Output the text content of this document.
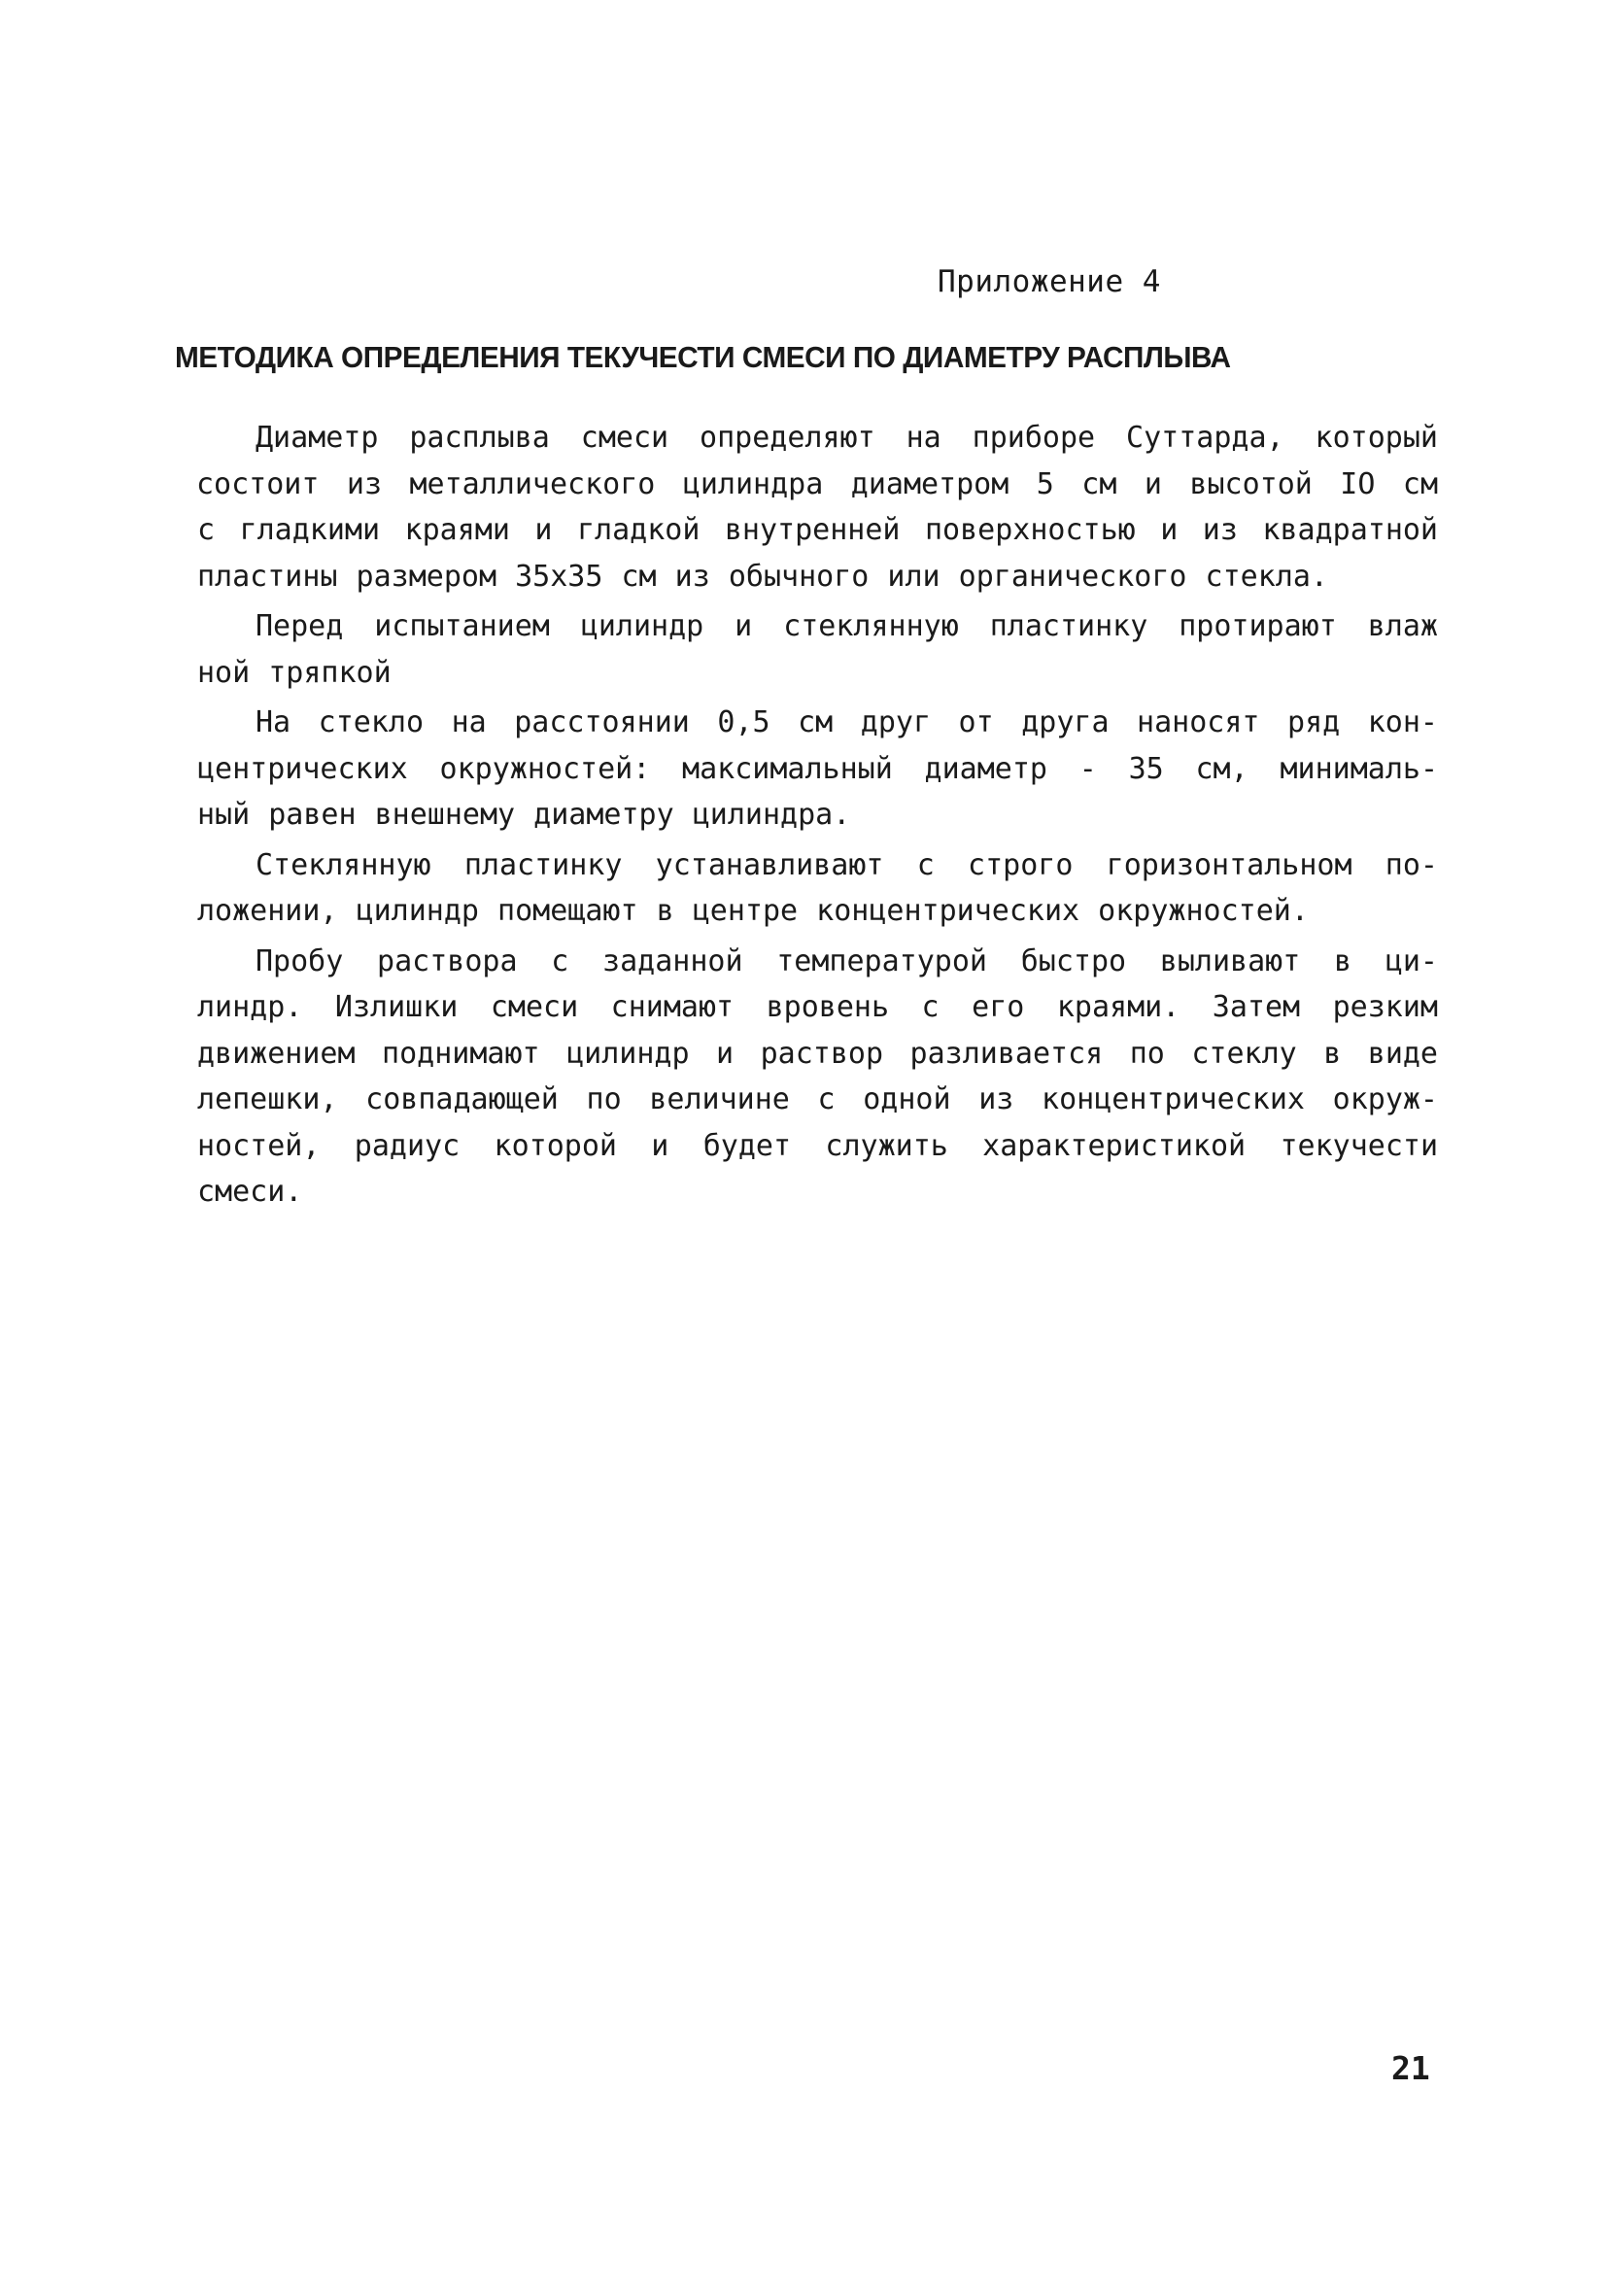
Приложение 4
МЕТОДИКА ОПРЕДЕЛЕНИЯ ТЕКУЧЕСТИ СМЕСИ ПО ДИАМЕТРУ РАСПЛЫВА
Диаметр расплыва смеси определяют на приборе Суттарда, который
состоит из металлического цилиндра диаметром 5 см и высотой IO см
с гладкими краями и гладкой внутренней поверхностью и из квадратной
пластины размером 35х35 см из обычного или органического стекла.
Перед испытанием цилиндр и стеклянную пластинку протирают влаж
ной тряпкой
На стекло на расстоянии 0,5 см друг от друга наносят ряд кон-
центрических окружностей: максимальный диаметр - 35 см, минималь-
ный равен внешнему диаметру цилиндра.
Стеклянную пластинку устанавливают с строго горизонтальном по-
ложении, цилиндр помещают в центре концентрических окружностей.
Пробу раствора с заданной температурой быстро выливают в ци-
линдр. Излишки смеси снимают вровень с его краями. Затем резким
движением поднимают цилиндр и раствор разливается по стеклу в виде
лепешки, совпадающей по величине с одной из концентрических окруж-
ностей, радиус которой и будет служить характеристикой текучести
смеси.
21
